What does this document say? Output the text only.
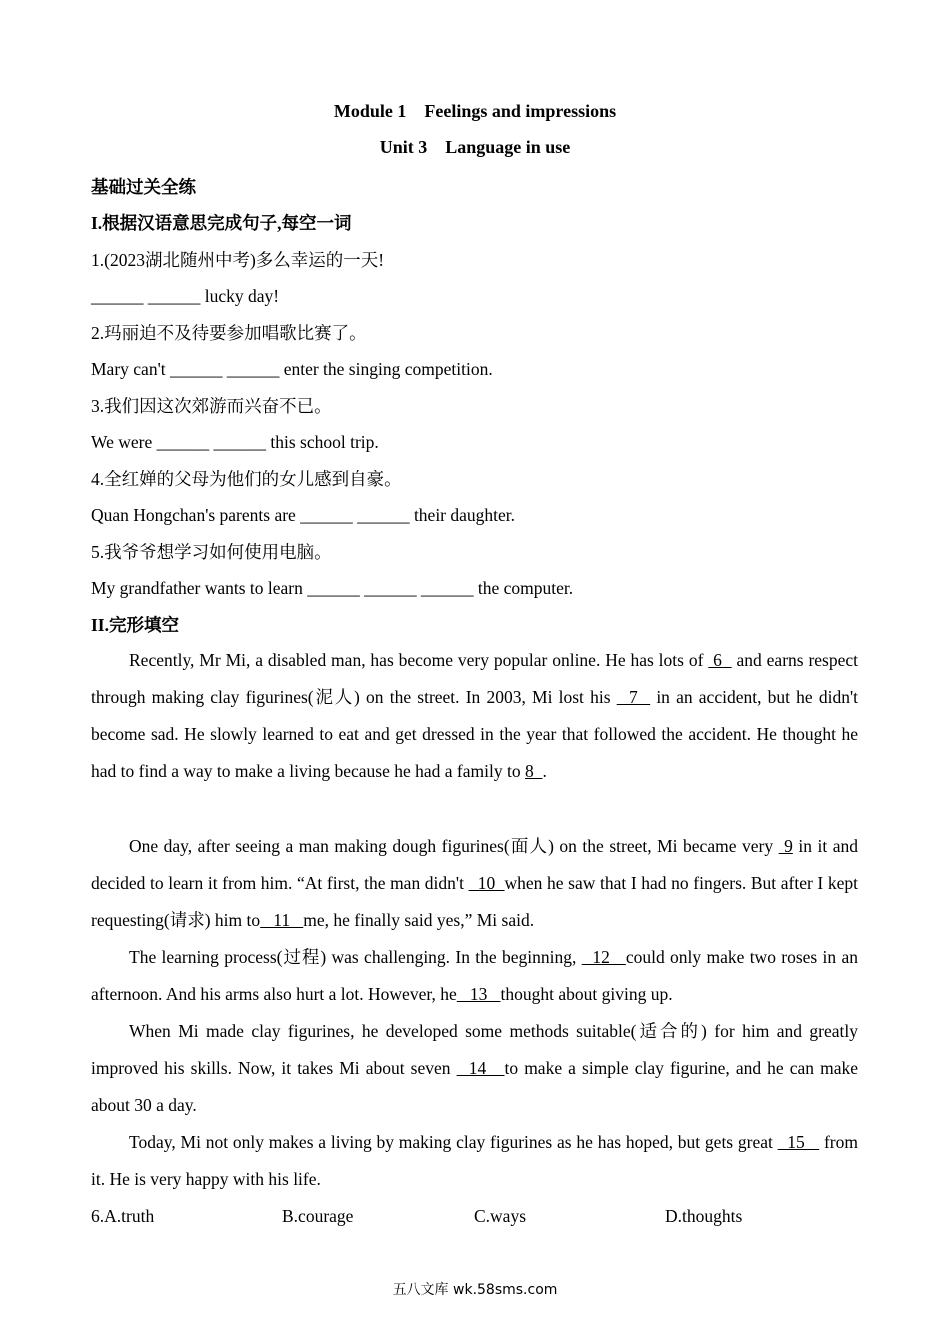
Module 1    Feelings and impressions
Unit 3    Language in use
基础过关全练
I.根据汉语意思完成句子,每空一词
1.(2023湖北随州中考)多么幸运的一天!
______ ______ lucky day!
2.玛丽迫不及待要参加唱歌比赛了。
Mary can't ______ ______ enter the singing competition.
3.我们因这次郊游而兴奋不已。
We were ______ ______ this school trip.
4.全红婵的父母为他们的女儿感到自豪。
Quan Hongchan's parents are ______ ______ their daughter.
5.我爷爷想学习如何使用电脑。
My grandfather wants to learn ______ ______ ______ the computer.
II.完形填空
Recently, Mr Mi, a disabled man, has become very popular online. He has lots of  6   and earns respect through making clay figurines(泥人) on the street. In 2003, Mi lost his   7   in an accident, but he didn't become sad. He slowly learned to eat and get dressed in the year that followed the accident. He thought he had to find a way to make a living because he had a family to 8  .
One day, after seeing a man making dough figurines(面人) on the street, Mi became very  9 in it and decided to learn it from him. “At first, the man didn't   10  when he saw that I had no fingers. But after I kept requesting(请求) him to   11   me, he finally said yes,” Mi said.
The learning process(过程) was challenging. In the beginning,   12   could only make two roses in an afternoon. And his arms also hurt a lot. However, he   13   thought about giving up.
When Mi made clay figurines, he developed some methods suitable(适合的) for him and greatly improved his skills. Now, it takes Mi about seven   14   to make a simple clay figurine, and he can make about 30 a day.
Today, Mi not only makes a living by making clay figurines as he has hoped, but gets great   15    from it. He is very happy with his life.
6.A.truth	B.courage	C.ways	D.thoughts
五八文库 wk.58sms.com
